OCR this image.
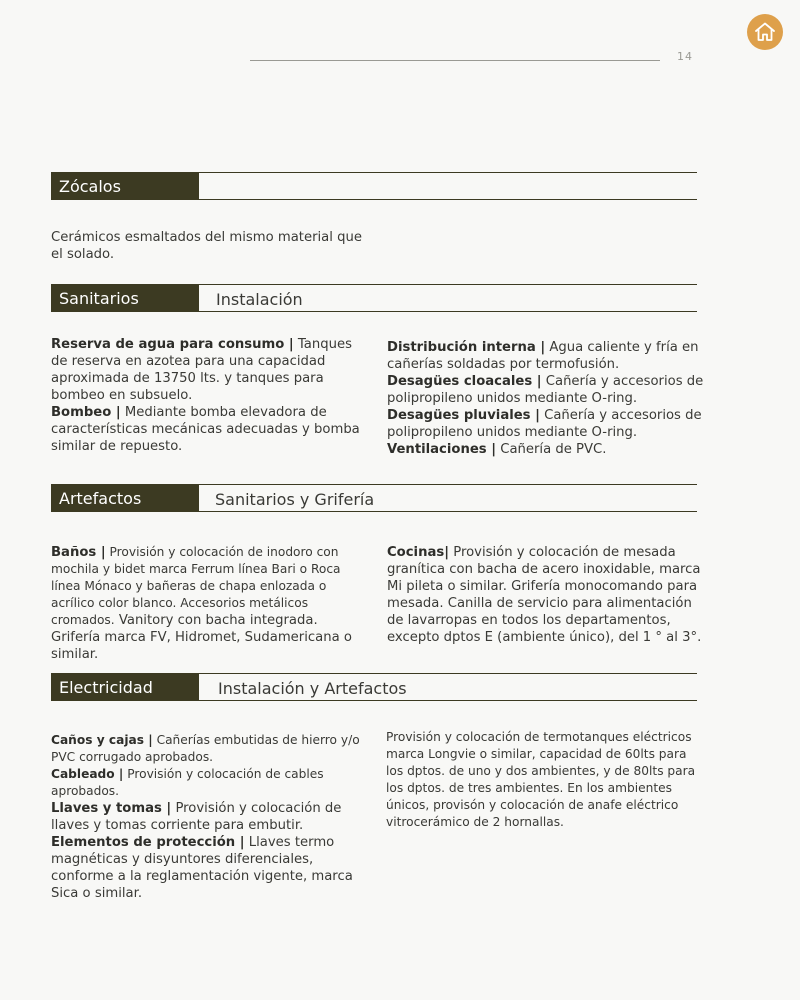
14
Zócalos

Cerámicos esmaltados del mismo material que el solado.

Sanitarios	Instalación

Reserva de agua para consumo | Tanques de reserva en azotea para una capacidad aproximada de 13750 lts. y tanques para bombeo en subsuelo.

Bombeo | Mediante bomba elevadora de características mecánicas adecuadas y bomba similar de repuesto.

Distribución interna | Agua caliente y fría en cañerías soldadas por termofusión.

Desagües cloacales | Cañería y accesorios de polipropileno unidos mediante O-ring.

Desagües pluviales | Cañería y accesorios de polipropileno unidos mediante O-ring.

Ventilaciones | Cañería de PVC.

Artefactos	Sanitarios y Grifería

Baños | Provisión y colocación de inodoro con mochila y bidet marca Ferrum línea Bari o Roca línea Mónaco y bañeras de chapa enlozada o acrílico color blanco. Accesorios metálicos cromados. Vanitory con bacha integrada. Grifería marca FV, Hidromet, Sudamericana o similar.

Cocinas| Provisión y colocación de mesada granítica con bacha de acero inoxidable, marca Mi pileta o similar. Grifería monocomando para mesada. Canilla de servicio para alimentación de lavarropas en todos los departamentos, excepto dptos E (ambiente único), del 1 ° al 3°.

Electricidad	Instalación y Artefactos

Caños y cajas | Cañerías embutidas de hierro y/o PVC corrugado aprobados.

Cableado | Provisión y colocación de cables aprobados.

Llaves y tomas | Provisión y colocación de llaves y tomas corriente para embutir.

Elementos de protección | Llaves termo magnéticas y disyuntores diferenciales, conforme a la reglamentación vigente, marca Sica o similar.

Provisión y colocación de termotanques eléctricos marca Longvie o similar, capacidad de 60lts para los dptos. de uno y dos ambientes, y de 80lts para los dptos. de tres ambientes. En los ambientes únicos, provisón y colocación de anafe eléctrico vitrocerámico de 2 hornallas.
